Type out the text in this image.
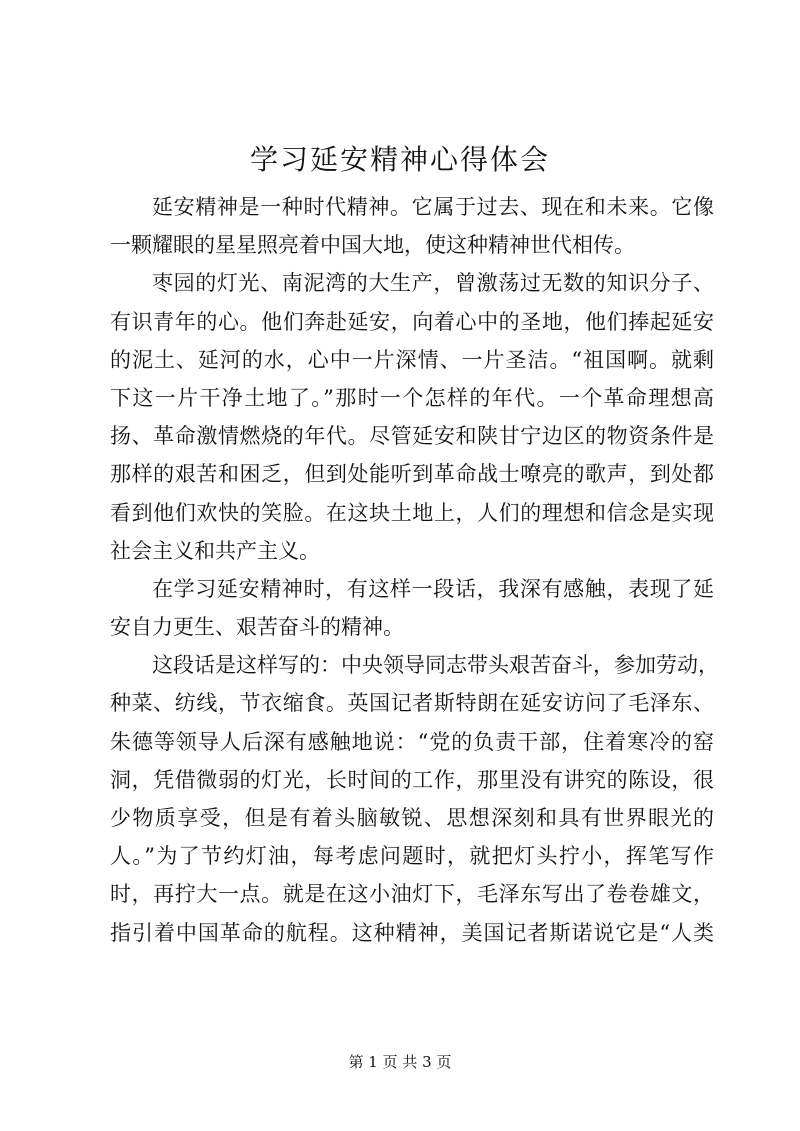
学习延安精神心得体会
延安精神是一种时代精神。它属于过去、现在和未来。它像
一颗耀眼的星星照亮着中国大地，使这种精神世代相传。
枣园的灯光、南泥湾的大生产，曾激荡过无数的知识分子、
有识青年的心。他们奔赴延安，向着心中的圣地，他们捧起延安
的泥土、延河的水，心中一片深情、一片圣洁。“祖国啊。就剩
下这一片干净土地了。”那时一个怎样的年代。一个革命理想高
扬、革命激情燃烧的年代。尽管延安和陕甘宁边区的物资条件是
那样的艰苦和困乏，但到处能听到革命战士嘹亮的歌声，到处都
看到他们欢快的笑脸。在这块土地上，人们的理想和信念是实现
社会主义和共产主义。
在学习延安精神时，有这样一段话，我深有感触，表现了延
安自力更生、艰苦奋斗的精神。
这段话是这样写的：中央领导同志带头艰苦奋斗，参加劳动，
种菜、纺线，节衣缩食。英国记者斯特朗在延安访问了毛泽东、
朱德等领导人后深有感触地说：“党的负责干部，住着寒冷的窑
洞，凭借微弱的灯光，长时间的工作，那里没有讲究的陈设，很
少物质享受，但是有着头脑敏锐、思想深刻和具有世界眼光的
人。”为了节约灯油，每考虑问题时，就把灯头拧小，挥笔写作
时，再拧大一点。就是在这小油灯下，毛泽东写出了卷卷雄文，
指引着中国革命的航程。这种精神，美国记者斯诺说它是“人类
第 1 页 共 3 页
